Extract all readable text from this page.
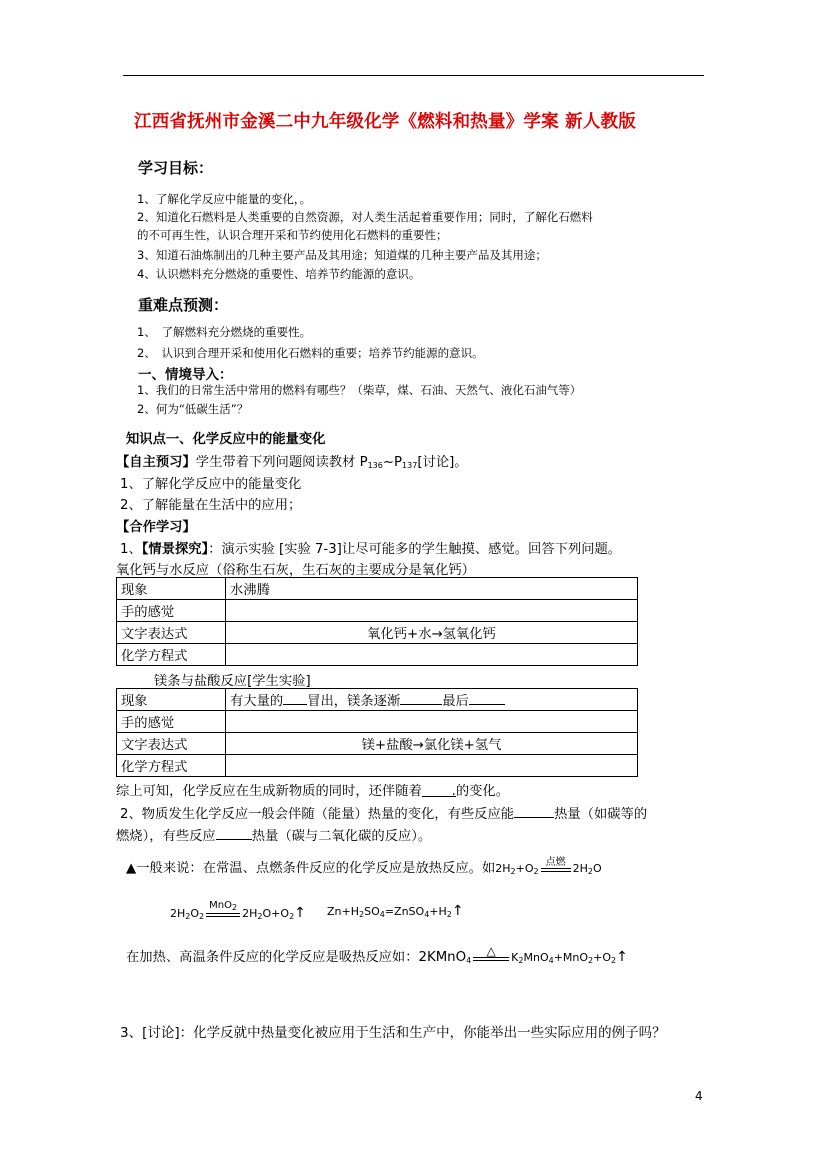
江西省抚州市金溪二中九年级化学《燃料和热量》学案 新人教版
学习目标：
1、了解化学反应中能量的变化，。
2、知道化石燃料是人类重要的自然资源，对人类生活起着重要作用；同时，了解化石燃料
的不可再生性，认识合理开采和节约使用化石燃料的重要性；
3、知道石油炼制出的几种主要产品及其用途；知道煤的几种主要产品及其用途；
4、认识燃料充分燃烧的重要性、培养节约能源的意识。
重难点预测：
1、　了解燃料充分燃烧的重要性。
2、　认识到合理开采和使用化石燃料的重要；培养节约能源的意识。
一、情境导入：
1、我们的日常生活中常用的燃料有哪些？（柴草，煤、石油、天然气、液化石油气等）
2、何为“低碳生活”？
知识点一、化学反应中的能量变化
【自主预习】学生带着下列问题阅读教材 $P_{136}\sim P_{137}$[讨论]。
1、了解化学反应中的能量变化
2、了解能量在生活中的应用；
【合作学习】
1、【情景探究】：演示实验 [实验 7-3]让尽可能多的学生触摸、感觉。回答下列问题。
氧化钙与水反应（俗称生石灰，生石灰的主要成分是氧化钙）
现象	水沸腾
手的感觉	
文字表达式	氧化钙+水→氢氧化钙
化学方程式	
镁条与盐酸反应[学生实验]
现象	有大量的 冒出，镁条逐渐 最后
手的感觉	
文字表达式	镁+盐酸→氯化镁+氢气
化学方程式	
综上可知，化学反应在生成新物质的同时，还伴随着 .的变化。
2、物质发生化学反应一般会伴随（能量）热量的变化，有些反应能	热量（如碳等的
燃烧），有些反应	热量（碳与二氧化碳的反应）。
▲一般来说：在常温、点燃条件反应的化学反应是放热反应。如$2H_2+O_2$
点燃 $2H_2O$
$2H_2O_2$
MnO$_2$ $2H_2O+O_2↑$ $Zn+H_2SO_4=ZnSO_4+H_2↑$
在加热、高温条件反应的化学反应是吸热反应如：2KMnO$_4$
△	$K_2MnO_4+MnO_2+O_2↑$
3、[讨论]：化学反就中热量变化被应用于生活和生产中，你能举出一些实际应用的例子吗？
4
